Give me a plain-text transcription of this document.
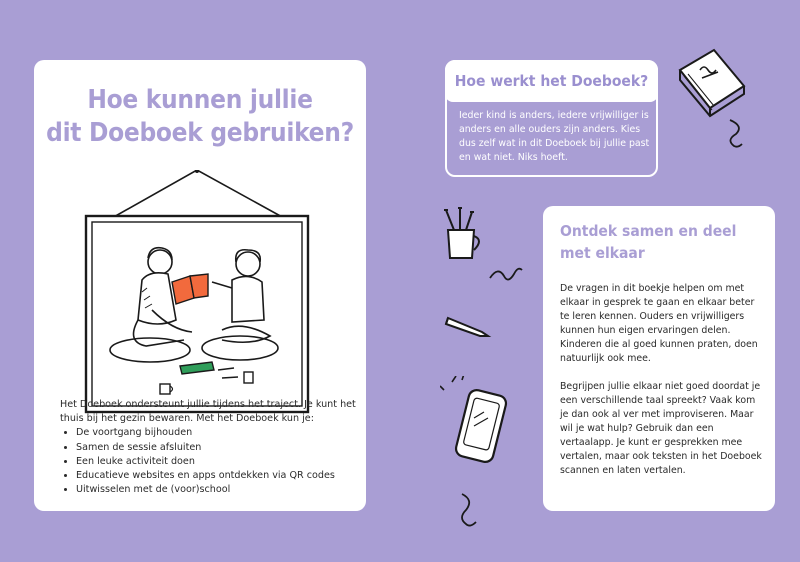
Hoe kunnen jullie
dit Doeboek gebruiken?
Het Doeboek ondersteunt jullie tijdens het traject. Je kunt het thuis bij het gezin bewaren. Met het Doeboek kun je:
• De voortgang bijhouden
• Samen de sessie afsluiten
• Een leuke activiteit doen
• Educatieve websites en apps ontdekken via QR codes
• Uitwisselen met de (voor)school
Hoe werkt het Doeboek?
Ieder kind is anders, iedere vrijwilliger is anders en alle ouders zijn anders. Kies dus zelf wat in dit Doeboek bij jullie past en wat niet. Niks hoeft.
Ontdek samen en deel met elkaar

De vragen in dit boekje helpen om met elkaar in gesprek te gaan en elkaar beter te leren kennen. Ouders en vrijwilligers kunnen hun eigen ervaringen delen. Kinderen die al goed kunnen praten, doen natuurlijk ook mee.

Begrijpen jullie elkaar niet goed doordat je een verschillende taal spreekt? Vaak kom je dan ook al ver met improviseren. Maar wil je wat hulp? Gebruik dan een vertaalapp. Je kunt er gesprekken mee vertalen, maar ook teksten in het Doeboek scannen en laten vertalen.
